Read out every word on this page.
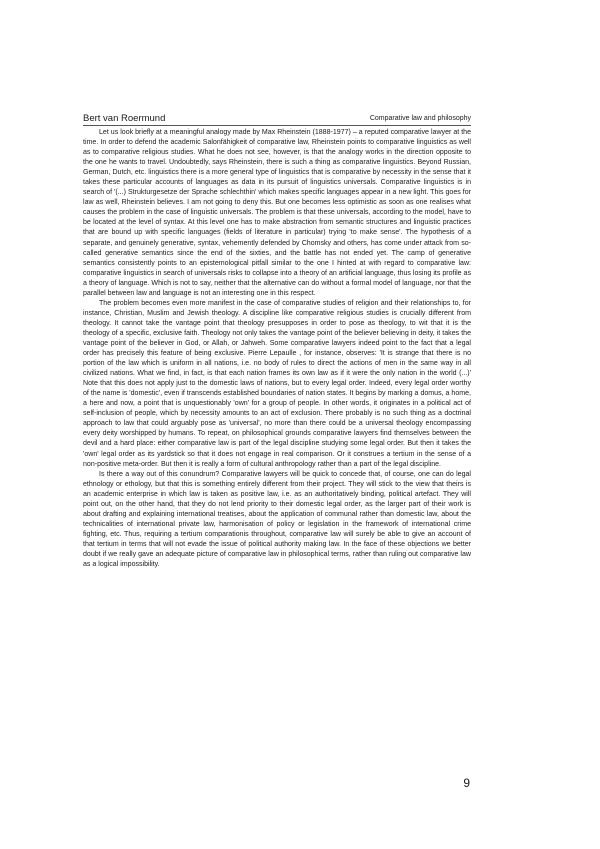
Bert van Roermund	Comparative law and philosophy

Let us look briefly at a meaningful analogy made by Max Rheinstein (1888-1977) – a reputed comparative lawyer at the time. In order to defend the academic Salonfähigkeit of comparative law, Rheinstein points to comparative linguistics as well as to comparative religious studies. What he does not see, however, is that the analogy works in the direction opposite to the one he wants to travel. Undoubtedly, says Rheinstein, there is such a thing as comparative linguistics. Beyond Russian, German, Dutch, etc. linguistics there is a more general type of linguistics that is comparative by necessity in the sense that it takes these particular accounts of languages as data in its pursuit of linguistics universals. Comparative linguistics is in search of '(...) Strukturgesetze der Sprache schlechthin' which makes specific languages appear in a new light. This goes for law as well, Rheinstein believes. I am not going to deny this. But one becomes less optimistic as soon as one realises what causes the problem in the case of linguistic universals. The problem is that these universals, according to the model, have to be located at the level of syntax. At this level one has to make abstraction from semantic structures and linguistic practices that are bound up with specific languages (fields of literature in particular) trying 'to make sense'. The hypothesis of a separate, and genuinely generative, syntax, vehemently defended by Chomsky and others, has come under attack from so-called generative semantics since the end of the sixties, and the battle has not ended yet. The camp of generative semantics consistently points to an epistemological pitfall similar to the one I hinted at with regard to comparative law: comparative linguistics in search of universals risks to collapse into a theory of an artificial language, thus losing its profile as a theory of language. Which is not to say, neither that the alternative can do without a formal model of language, nor that the parallel between law and language is not an interesting one in this respect.

The problem becomes even more manifest in the case of comparative studies of religion and their relationships to, for instance, Christian, Muslim and Jewish theology. A discipline like comparative religious studies is crucially different from theology. It cannot take the vantage point that theology presupposes in order to pose as theology, to wit that it is the theology of a specific, exclusive faith. Theology not only takes the vantage point of the believer believing in deity, it takes the vantage point of the believer in God, or Allah, or Jahweh. Some comparative lawyers indeed point to the fact that a legal order has precisely this feature of being exclusive. Pierre Lepaulle , for instance, observes: 'It is strange that there is no portion of the law which is uniform in all nations, i.e. no body of rules to direct the actions of men in the same way in all civilized nations. What we find, in fact, is that each nation frames its own law as if it were the only nation in the world (...)' Note that this does not apply just to the domestic laws of nations, but to every legal order. Indeed, every legal order worthy of the name is 'domestic', even if transcends established boundaries of nation states. It begins by marking a domus, a home, a here and now, a point that is unquestionably 'own' for a group of people. In other words, it originates in a political act of self-inclusion of people, which by necessity amounts to an act of exclusion. There probably is no such thing as a doctrinal approach to law that could arguably pose as 'universal', no more than there could be a universal theology encompassing every deity worshipped by humans. To repeat, on philosophical grounds comparative lawyers find themselves between the devil and a hard place: either comparative law is part of the legal discipline studying some legal order. But then it takes the 'own' legal order as its yardstick so that it does not engage in real comparison. Or it construes a tertium in the sense of a non-positive meta-order. But then it is really a form of cultural anthropology rather than a part of the legal discipline.

Is there a way out of this conundrum? Comparative lawyers will be quick to concede that, of course, one can do legal ethnology or ethology, but that this is something entirely different from their project. They will stick to the view that theirs is an academic enterprise in which law is taken as positive law, i.e. as an authoritatively binding, political artefact. They will point out, on the other hand, that they do not lend priority to their domestic legal order, as the larger part of their work is about drafting and explaining international treatises, about the application of communal rather than domestic law, about the technicalities of international private law, harmonisation of policy or legislation in the framework of international crime fighting, etc. Thus, requiring a tertium comparationis throughout, comparative law will surely be able to give an account of that tertium in terms that will not evade the issue of political authority making law. In the face of these objections we better doubt if we really gave an adequate picture of comparative law in philosophical terms, rather than ruling out comparative law as a logical impossibility.

9
